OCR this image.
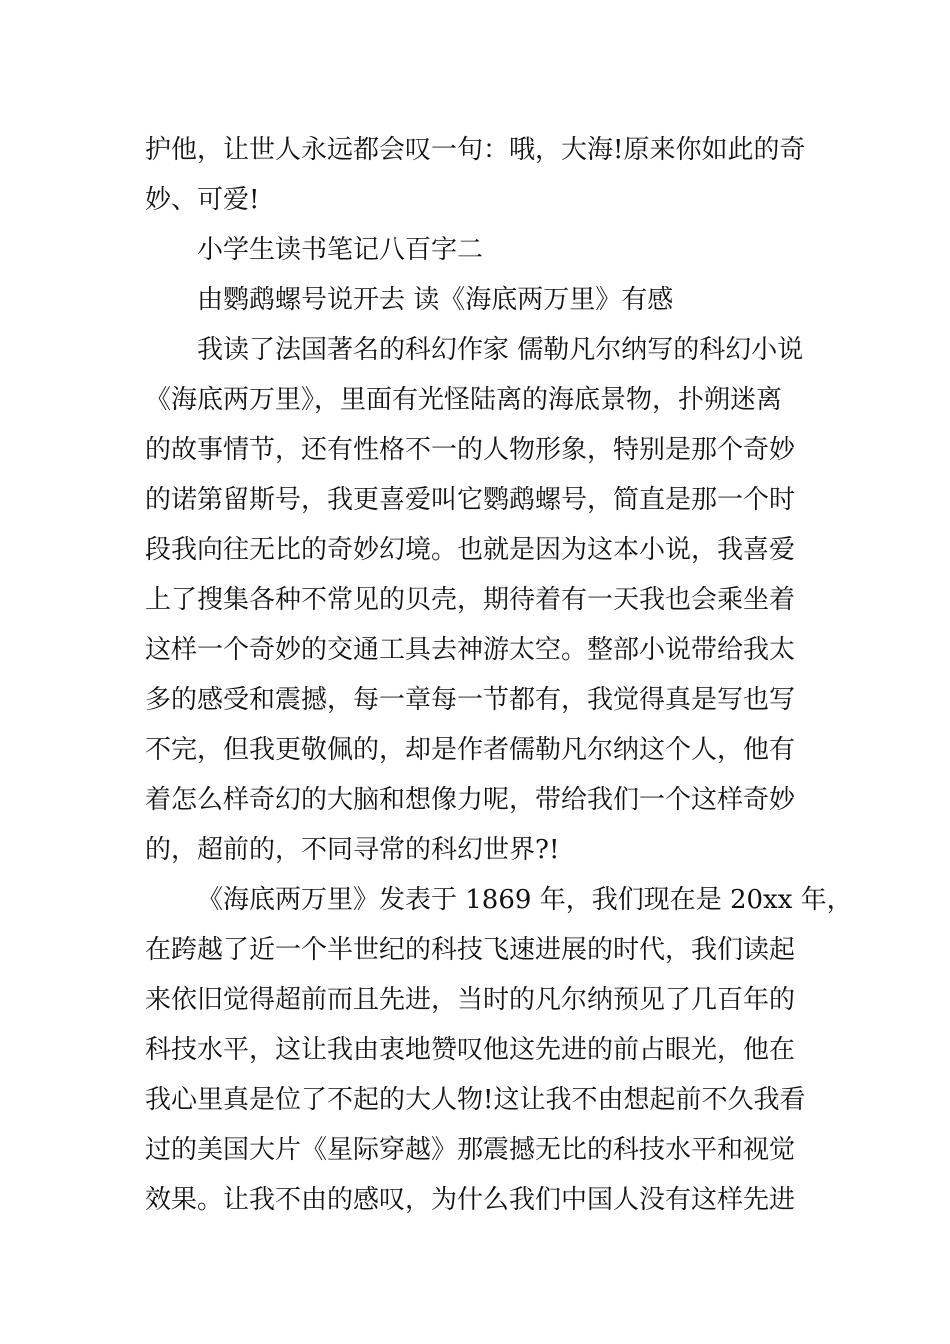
护他，让世人永远都会叹一句：哦，大海!原来你如此的奇
妙、可爱!
小学生读书笔记八百字二
由鹦鹉螺号说开去 读《海底两万里》有感
我读了法国著名的科幻作家 儒勒凡尔纳写的科幻小说
《海底两万里》，里面有光怪陆离的海底景物，扑朔迷离
的故事情节，还有性格不一的人物形象，特别是那个奇妙
的诺第留斯号，我更喜爱叫它鹦鹉螺号，简直是那一个时
段我向往无比的奇妙幻境。也就是因为这本小说，我喜爱
上了搜集各种不常见的贝壳，期待着有一天我也会乘坐着
这样一个奇妙的交通工具去神游太空。整部小说带给我太
多的感受和震撼，每一章每一节都有，我觉得真是写也写
不完，但我更敬佩的，却是作者儒勒凡尔纳这个人，他有
着怎么样奇幻的大脑和想像力呢，带给我们一个这样奇妙
的，超前的，不同寻常的科幻世界?!
《海底两万里》发表于 1869 年，我们现在是 20xx 年，
在跨越了近一个半世纪的科技飞速进展的时代，我们读起
来依旧觉得超前而且先进，当时的凡尔纳预见了几百年的
科技水平，这让我由衷地赞叹他这先进的前占眼光，他在
我心里真是位了不起的大人物!这让我不由想起前不久我看
过的美国大片《星际穿越》那震撼无比的科技水平和视觉
效果。让我不由的感叹，为什么我们中国人没有这样先进
